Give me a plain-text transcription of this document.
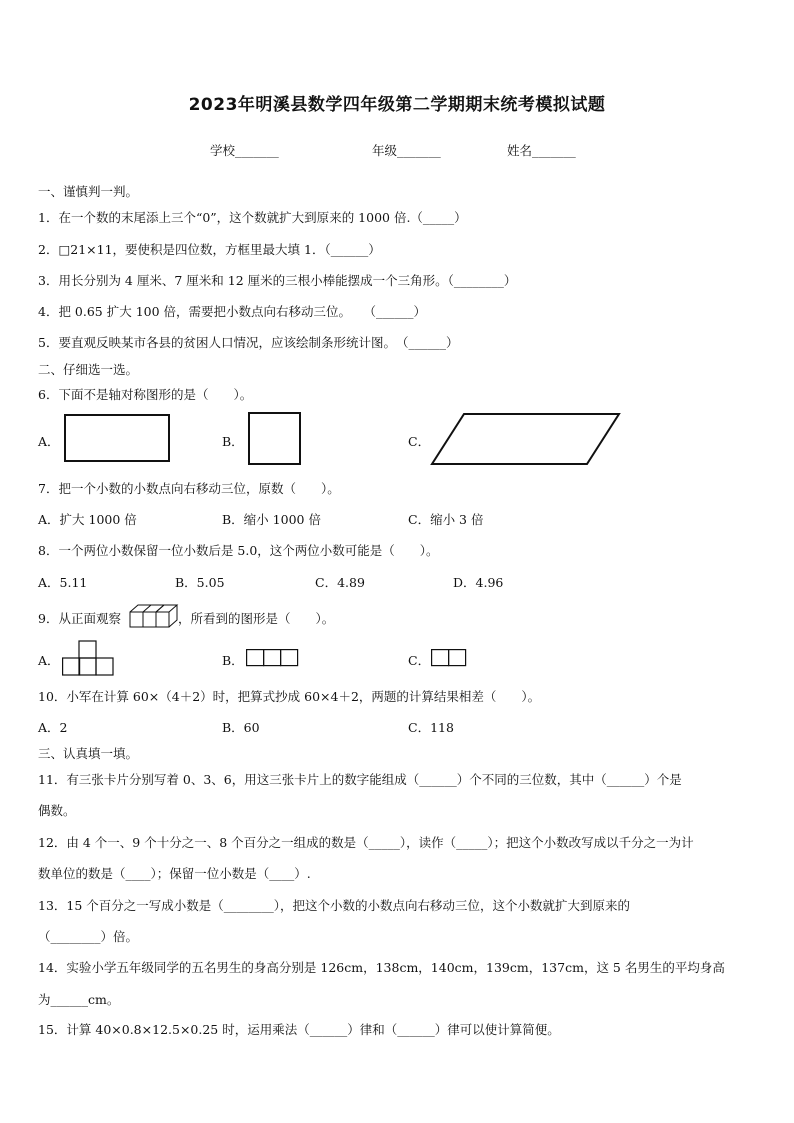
2023年明溪县数学四年级第二学期期末统考模拟试题
学校_______	年级_______	姓名_______
一、谨慎判一判。
1．在一个数的末尾添上三个“0”，这个数就扩大到原来的 1000 倍.（_____）
2．□21×11，要使积是四位数，方框里最大填 1．（______）
3．用长分别为 4 厘米、7 厘米和 12 厘米的三根小棒能摆成一个三角形。（________）
4．把 0.65 扩大 100 倍，需要把小数点向右移动三位。　　（______）
5．要直观反映某市各县的贫困人口情况，应该绘制条形统计图。　（______）
二、仔细选一选。
6．下面不是轴对称图形的是（　　）。
A．	B．	C．
7．把一个小数的小数点向右移动三位，原数（　　）。
A．扩大 1000 倍	B．缩小 1000 倍	C．缩小 3 倍
8．一个两位小数保留一位小数后是 5.0，这个两位小数可能是（　　）。
A．5.11	B．5.05	C．4.89	D．4.96
9．从正面观察	，所看到的图形是（　　）。
A．	B．	C．
10．小军在计算 60×（4＋2）时，把算式抄成 60×4＋2，两题的计算结果相差（　　）。
A．2	B．60	C．118
三、认真填一填。
11．有三张卡片分别写着 0、3、6，用这三张卡片上的数字能组成（______）个不同的三位数，其中（______）个是
偶数。
12．由 4 个一、9 个十分之一、8 个百分之一组成的数是（_____），读作（_____）；把这个小数改写成以千分之一为计
数单位的数是（____）；保留一位小数是（____）.
13．15 个百分之一写成小数是（________），把这个小数的小数点向右移动三位，这个小数就扩大到原来的
（________）倍。
14．实验小学五年级同学的五名男生的身高分别是 126cm，138cm，140cm，139cm，137cm，这 5 名男生的平均身高
为______cm。
15．计算 40×0.8×12.5×0.25 时，运用乘法（______）律和（______）律可以使计算简便。
